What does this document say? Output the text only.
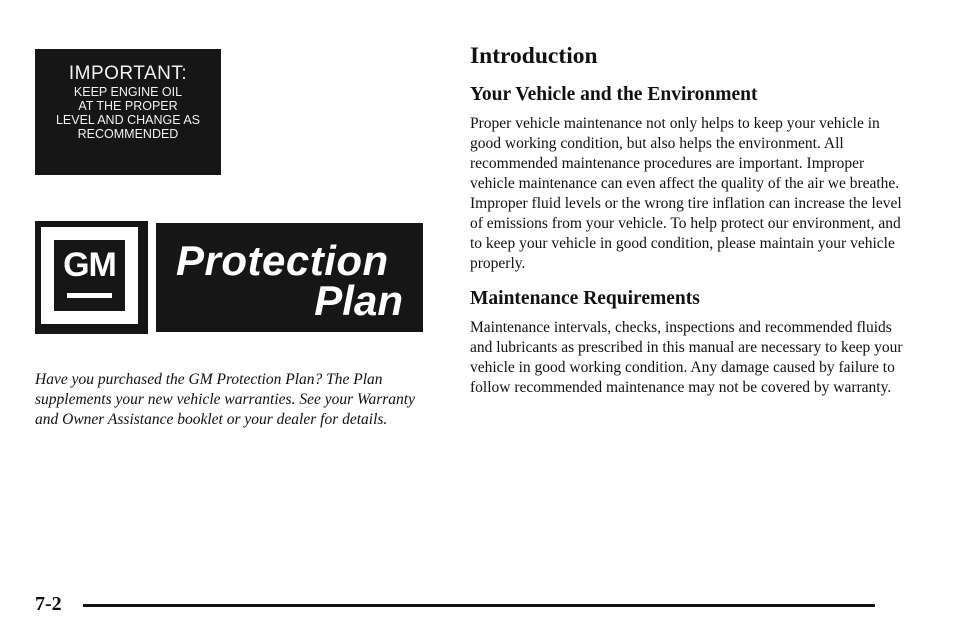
IMPORTANT:
KEEP ENGINE OIL
AT THE PROPER
LEVEL AND CHANGE AS
RECOMMENDED
GM Protection
Plan
Have you purchased the GM Protection Plan? The Plan supplements your new vehicle warranties. See your Warranty and Owner Assistance booklet or your dealer for details.
Introduction
Your Vehicle and the Environment

Proper vehicle maintenance not only helps to keep your vehicle in good working condition, but also helps the environment. All recommended maintenance procedures are important. Improper vehicle maintenance can even affect the quality of the air we breathe. Improper fluid levels or the wrong tire inflation can increase the level of emissions from your vehicle. To help protect our environment, and to keep your vehicle in good condition, please maintain your vehicle properly.

Maintenance Requirements

Maintenance intervals, checks, inspections and recommended fluids and lubricants as prescribed in this manual are necessary to keep your vehicle in good working condition. Any damage caused by failure to follow recommended maintenance may not be covered by warranty.

7-2
